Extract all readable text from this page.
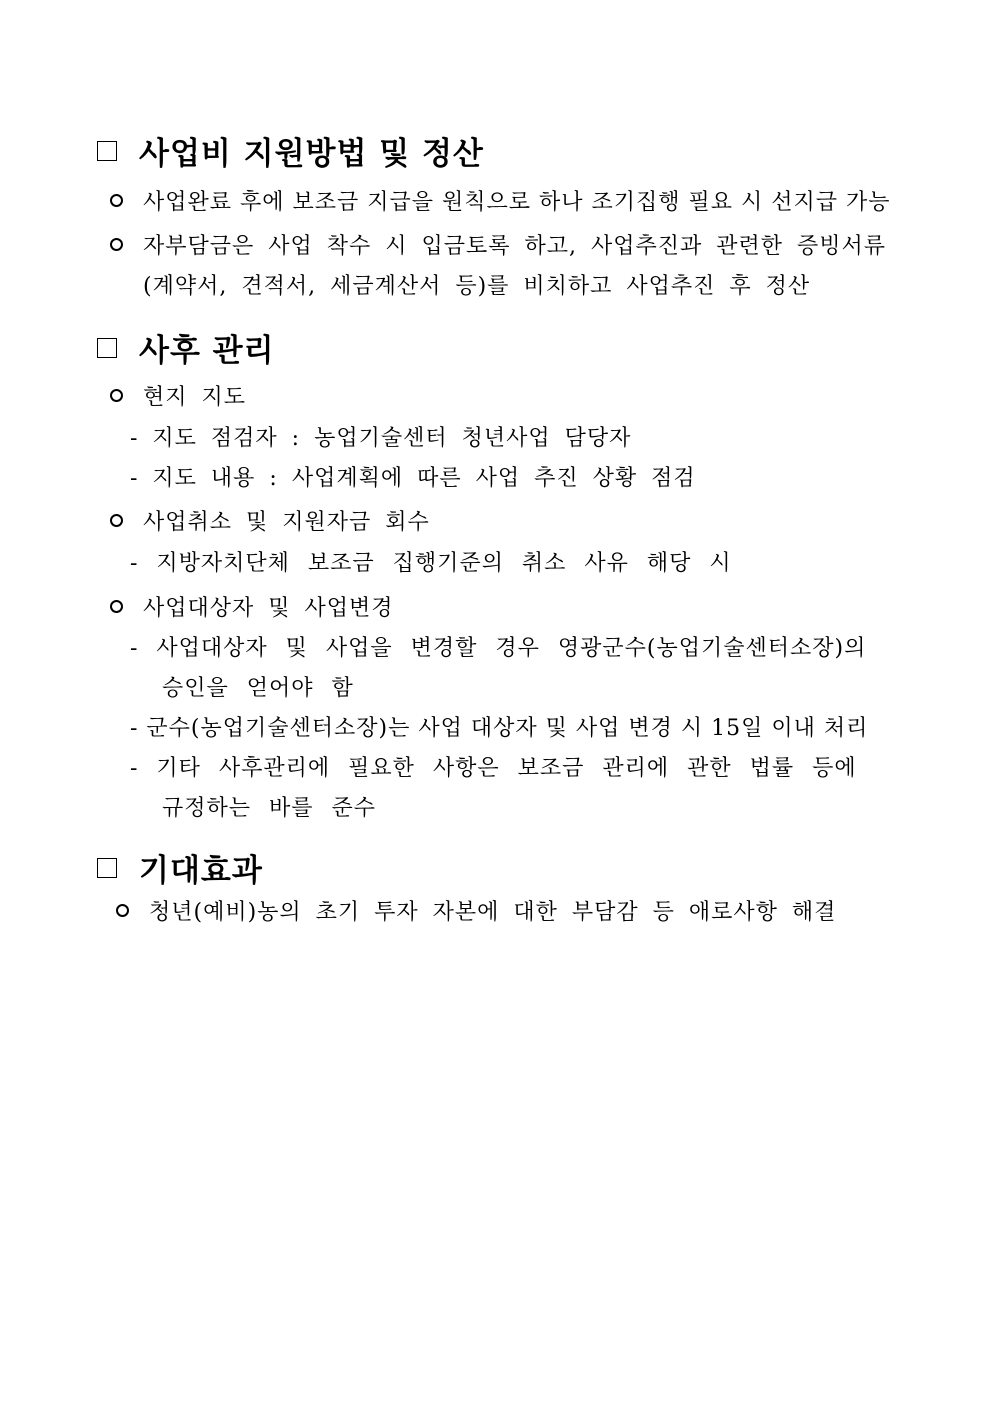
사업비 지원방법 및 정산
사업완료 후에 보조금 지급을 원칙으로 하나 조기집행 필요 시 선지급 가능
자부담금은 사업 착수 시 입금토록 하고, 사업추진과 관련한 증빙서류
(계약서, 견적서, 세금계산서 등)를 비치하고 사업추진 후 정산
사후 관리
현지 지도
- 지도 점검자 : 농업기술센터 청년사업 담당자
- 지도 내용 : 사업계획에 따른 사업 추진 상황 점검
사업취소 및 지원자금 회수
- 지방자치단체 보조금 집행기준의 취소 사유 해당 시
사업대상자 및 사업변경
- 사업대상자 및 사업을 변경할 경우 영광군수(농업기술센터소장)의
승인을 얻어야 함
- 군수(농업기술센터소장)는 사업 대상자 및 사업 변경 시 15일 이내 처리
- 기타 사후관리에 필요한 사항은 보조금 관리에 관한 법률 등에
규정하는 바를 준수
기대효과
청년(예비)농의 초기 투자 자본에 대한 부담감 등 애로사항 해결
